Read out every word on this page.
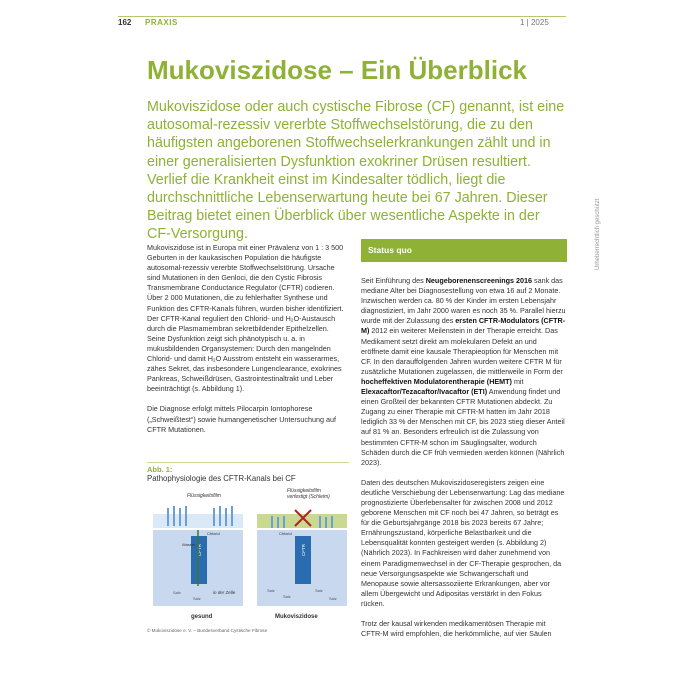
162 PRAXIS	1 | 2025
Mukoviszidose – Ein Überblick
Mukoviszidose oder auch cystische Fibrose (CF) genannt, ist eine autosomal-rezessiv vererbte Stoffwechselstörung, die zu den häufigsten angeborenen Stoffwechselerkrankungen zählt und in einer generalisierten Dysfunktion exokriner Drüsen resultiert. Verlief die Krankheit einst im Kindesalter tödlich, liegt die durchschnittliche Lebenserwartung heute bei 67 Jahren. Dieser Beitrag bietet einen Überblick über wesentliche Aspekte in der CF-Versorgung.

Mukoviszidose ist in Europa mit einer Prävalenz von 1 : 3 500 Geburten in der kaukasischen Population die häufigste autosomal-rezessiv vererbte Stoffwechselstörung. Ursache sind Mutationen in den Genloci, die den Cystic Fibrosis Transmembrane Conductance Regulator (CFTR) codieren. Über 2 000 Mutationen, die zu fehlerhafter Synthese und Funktion des CFTR-Kanals führen, wurden bisher identifiziert. Der CFTR-Kanal reguliert den Chlorid- und H₂O-Austausch durch die Plasmamembran sekretbildender Epithelzellen. Seine Dysfunktion zeigt sich phänotypisch u. a. in mukusbildenden Organsystemen: Durch den mangelnden Chlorid- und damit H₂O Ausstrom entsteht ein wasserarmes, zähes Sekret, das insbesondere Lungenclearance, exokrines Pankreas, Schweißdrüsen, Gastrointestinaltrakt und Leber beeinträchtigt (s. Abbildung 1).

Die Diagnose erfolgt mittels Pilocarpin Iontophorese („Schweißtest“) sowie humangenetischer Untersuchung auf CFTR Mutationen.

Abb. 1:
Pathophysiologie des CFTR-Kanals bei CF
Flüssigkeitsfilm
CFTR
Chlorid
Wasser
Salz
Salz
in der Zelle
gesund
Flüssigkeitsfilm
verfestigt (Schleim)
CFTR
Chlorid
Salz
Salz
Salz
Salz
Mukoviszidose
© Mukoviszidose e. V. – Bundesverband Cystische Fibrose
Status quo

Seit Einführung des Neugeborenenscreenings 2016 sank das mediane Alter bei Diagnosestellung von etwa 16 auf 2 Monate. Inzwischen werden ca. 80 % der Kinder im ersten Lebensjahr diagnostiziert, im Jahr 2000 waren es noch 35 %. Parallel hierzu wurde mit der Zulassung des ersten CFTR-Modulators (CFTR-M) 2012 ein weiterer Meilenstein in der Therapie erreicht. Das Medikament setzt direkt am molekularen Defekt an und eröffnete damit eine kausale Therapieoption für Menschen mit CF. In den darauffolgenden Jahren wurden weitere CFTR M für zusätzliche Mutationen zugelassen, die mittlerweile in Form der hocheffektiven Modulatorentherapie (HEMT) mit Elexacaftor/Tezacaftor/Ivacaftor (ETI) Anwendung findet und einen Großteil der bekannten CFTR Mutationen abdeckt. Zu Zugang zu einer Therapie mit CFTR-M hatten im Jahr 2018 lediglich 33 % der Menschen mit CF, bis 2023 stieg dieser Anteil auf 81 % an. Besonders erfreulich ist die Zulassung von bestimmten CFTR-M schon im Säuglingsalter, wodurch Schäden durch die CF früh vermieden werden können (Nährlich 2023).

Daten des deutschen Mukoviszidoseregisters zeigen eine deutliche Verschiebung der Lebenserwartung: Lag das mediane prognostizierte Überlebensalter für zwischen 2008 und 2012 geborene Menschen mit CF noch bei 47 Jahren, so beträgt es für die Geburtsjahrgänge 2018 bis 2023 bereits 67 Jahre; Ernährungszustand, körperliche Belastbarkeit und die Lebensqualität konnten gesteigert werden (s. Abbildung 2) (Nährlich 2023). In Fachkreisen wird daher zunehmend von einem Paradigmenwechsel in der CF-Therapie gesprochen, da neue Versorgungsaspekte wie Schwangerschaft und Menopause sowie altersassoziierte Erkrankungen, aber vor allem Übergewicht und Adipositas verstärkt in den Fokus rücken.

Trotz der kausal wirkenden medikamentösen Therapie mit CFTR-M wird empfohlen, die herkömmliche, auf vier Säulen

Urheberrechtlich geschützt
